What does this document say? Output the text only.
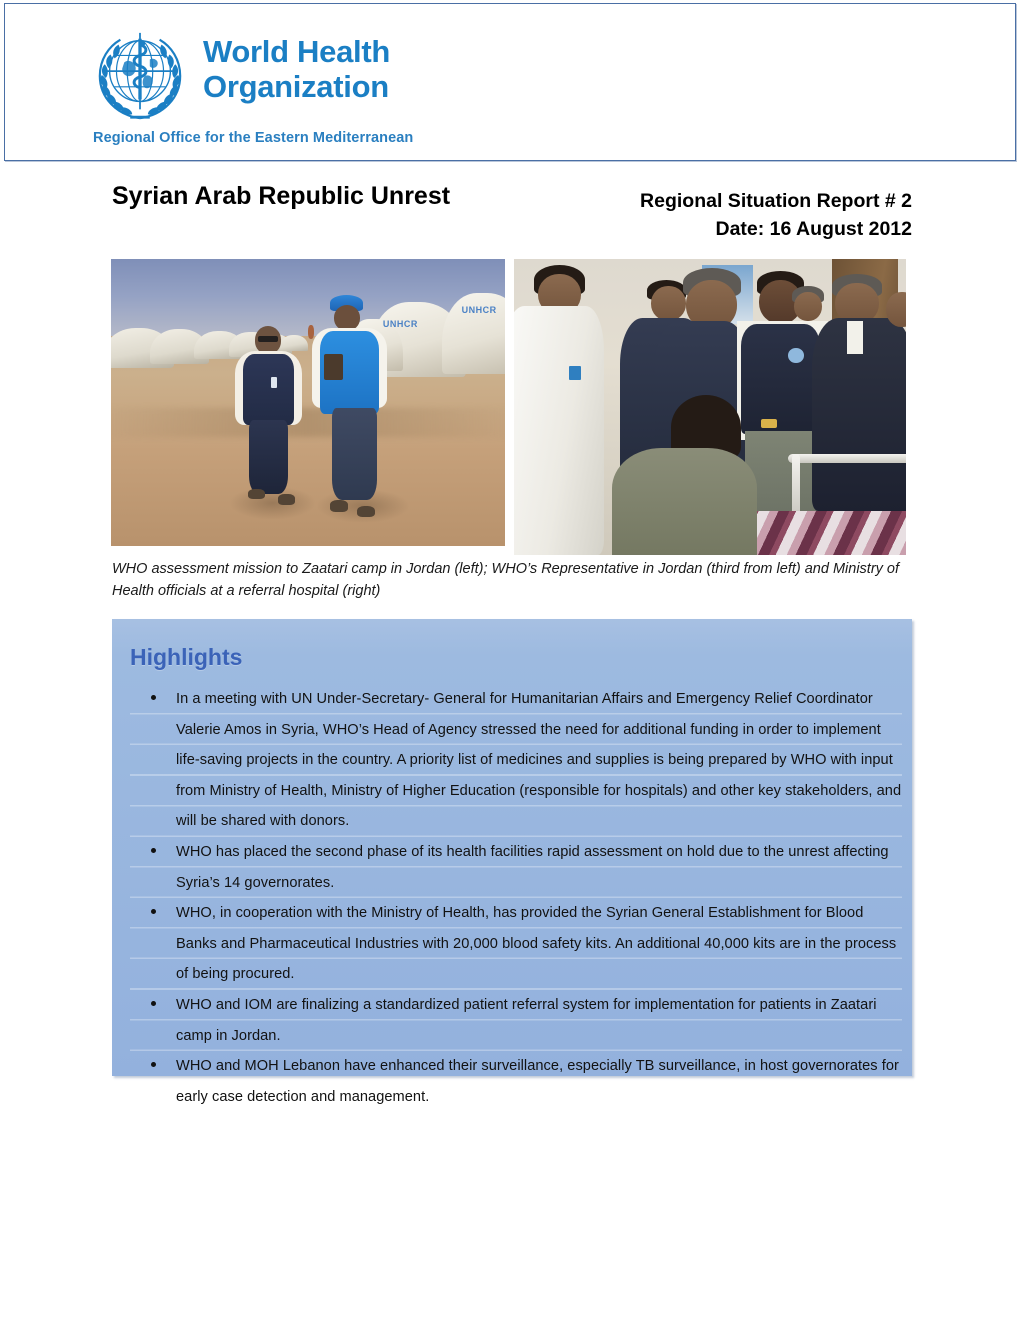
World Health
Organization
Regional Office for the Eastern Mediterranean
Syrian Arab Republic Unrest	Regional Situation Report # 2
Date: 16 August 2012
UNHCR
UNHCR
WHO assessment mission to Zaatari camp in Jordan (left); WHO’s Representative in Jordan (third from left) and Ministry of Health officials at a referral hospital (right)
Highlights
In a meeting with UN Under-Secretary- General for Humanitarian Affairs and Emergency Relief Coordinator Valerie Amos in Syria, WHO’s Head of Agency stressed the need for additional funding in order to implement life-saving projects in the country. A priority list of medicines and supplies is being prepared by WHO with input from Ministry of Health, Ministry of Higher Education (responsible for hospitals) and other key stakeholders, and will be shared with donors.
WHO has placed the second phase of its health facilities rapid assessment on hold due to the unrest affecting Syria’s 14 governorates.
WHO, in cooperation with the Ministry of Health, has provided the Syrian General Establishment for Blood Banks and Pharmaceutical Industries with 20,000 blood safety kits. An additional 40,000 kits are in the process of being procured.
WHO and IOM are finalizing a standardized patient referral system for implementation for patients in Zaatari camp in Jordan.
WHO and MOH Lebanon have enhanced their surveillance, especially TB surveillance, in host governorates for early case detection and management.
